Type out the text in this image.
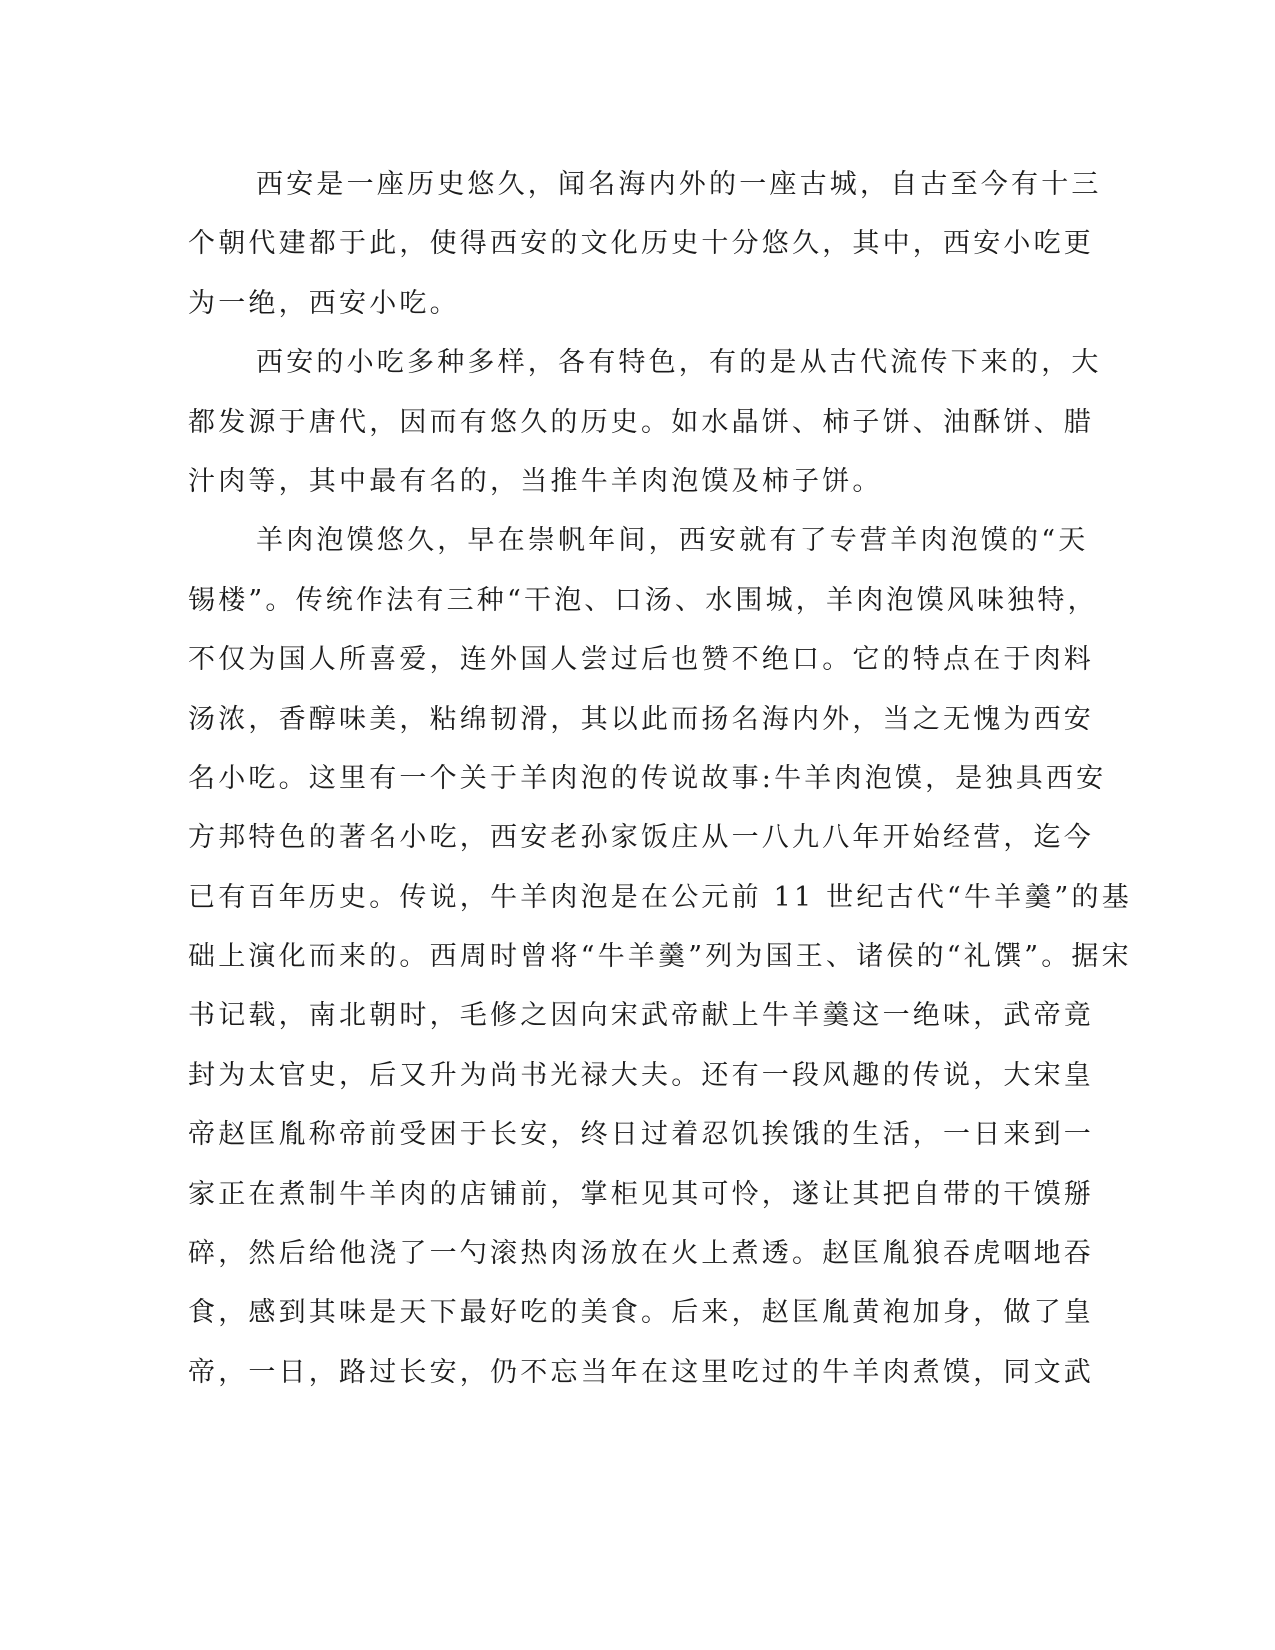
西安是一座历史悠久，闻名海内外的一座古城，自古至今有十三
个朝代建都于此，使得西安的文化历史十分悠久，其中，西安小吃更
为一绝，西安小吃。
西安的小吃多种多样，各有特色，有的是从古代流传下来的，大
都发源于唐代，因而有悠久的历史。如水晶饼、柿子饼、油酥饼、腊
汁肉等，其中最有名的，当推牛羊肉泡馍及柿子饼。
羊肉泡馍悠久，早在崇帆年间，西安就有了专营羊肉泡馍的“天
锡楼”。传统作法有三种“干泡、口汤、水围城，羊肉泡馍风味独特，
不仅为国人所喜爱，连外国人尝过后也赞不绝口。它的特点在于肉料
汤浓，香醇味美，粘绵韧滑，其以此而扬名海内外，当之无愧为西安
名小吃。这里有一个关于羊肉泡的传说故事:牛羊肉泡馍，是独具西安
方邦特色的著名小吃，西安老孙家饭庄从一八九八年开始经营，迄今
已有百年历史。传说，牛羊肉泡是在公元前 11 世纪古代“牛羊羹”的基
础上演化而来的。西周时曾将“牛羊羹”列为国王、诸侯的“礼馔”。据宋
书记载，南北朝时，毛修之因向宋武帝献上牛羊羹这一绝味，武帝竟
封为太官史，后又升为尚书光禄大夫。还有一段风趣的传说，大宋皇
帝赵匡胤称帝前受困于长安，终日过着忍饥挨饿的生活，一日来到一
家正在煮制牛羊肉的店铺前，掌柜见其可怜，遂让其把自带的干馍掰
碎，然后给他浇了一勺滚热肉汤放在火上煮透。赵匡胤狼吞虎咽地吞
食，感到其味是天下最好吃的美食。后来，赵匡胤黄袍加身，做了皇
帝，一日，路过长安，仍不忘当年在这里吃过的牛羊肉煮馍，同文武
